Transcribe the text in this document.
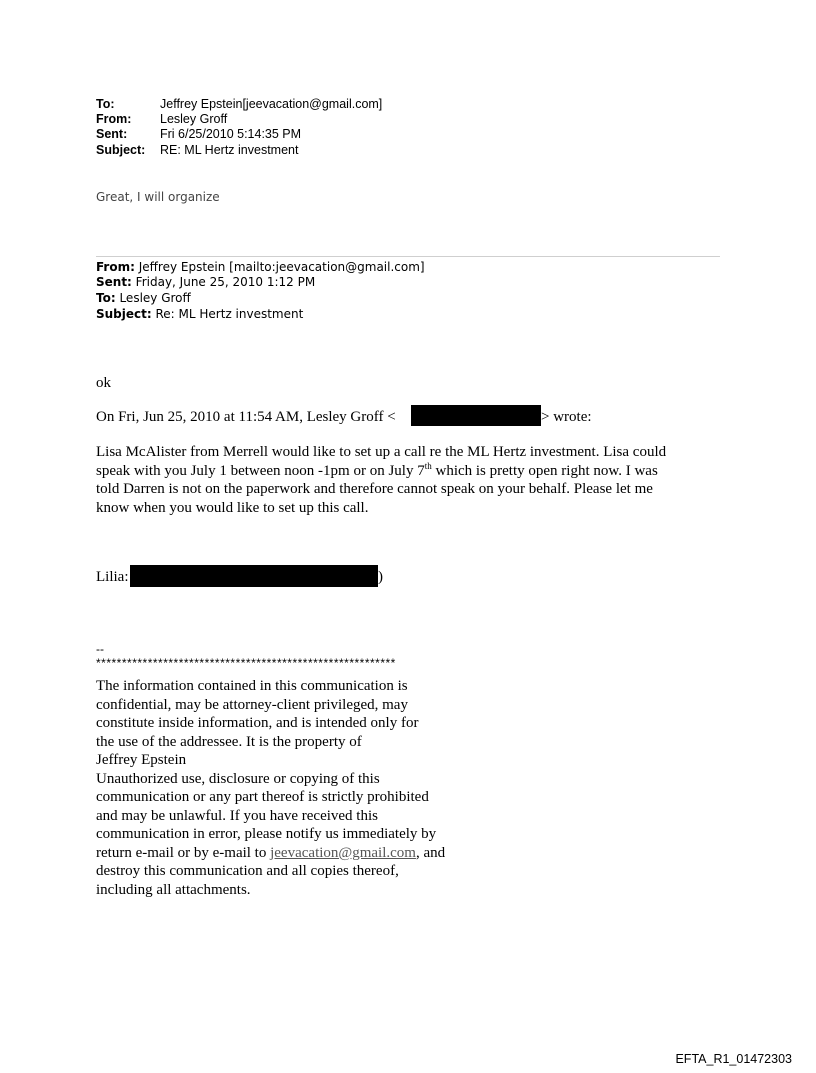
To:	Jeffrey Epstein[jeevacation@gmail.com]
From: Lesley Groff
Sent:	Fri 6/25/2010 5:14:35 PM
Subject: RE: ML Hertz investment
Great, I will organize
From: Jeffrey Epstein [mailto:jeevacation@gmail.com]
Sent: Friday, June 25, 2010 1:12 PM
To: Lesley Groff
Subject: Re: ML Hertz investment
ok
On Fri, Jun 25, 2010 at 11:54 AM, Lesley Groff <	> wrote:
Lisa McAlister from Merrell would like to set up a call re the ML Hertz investment. Lisa could
speak with you July 1 between noon -1pm or on July 7th which is pretty open right now. I was
told Darren is not on the paperwork and therefore cannot speak on your behalf. Please let me
know when you would like to set up this call.
Lilia:	)
--
**********************************************************
The information contained in this communication is
confidential, may be attorney-client privileged, may
constitute inside information, and is intended only for
the use of the addressee. It is the property of
Jeffrey Epstein
Unauthorized use, disclosure or copying of this
communication or any part thereof is strictly prohibited
and may be unlawful. If you have received this
communication in error, please notify us immediately by
return e-mail or by e-mail to jeevacation@gmail.com, and
destroy this communication and all copies thereof,
including all attachments.
EFTA_R1_01472303
